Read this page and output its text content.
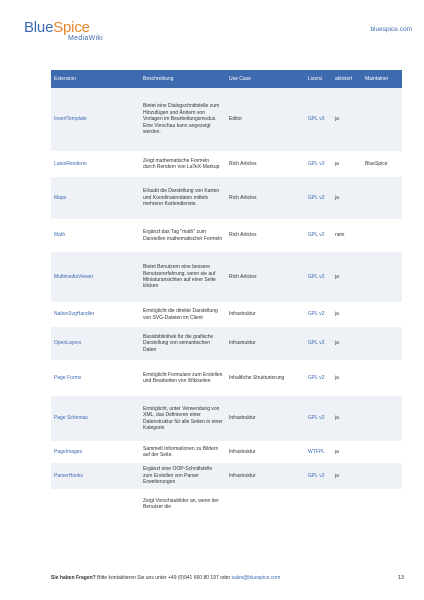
BlueSpice
MediaWiki
bluespice.com
Extension	Beschreibung	Use Case	Lizenz	aktiviert	Maintainer
InsertTemplate	Bietet eine Dialogschnittstelle zum Hinzufügen und Ändern von Vorlagen im Bearbeitungsmodus. Eine Vorschau kann angezeigt werden.	Editor	GPL v3	ja	
LatexRenderer	Zeigt mathematische Formeln durch Rendern von LaTeX-Markup	Rich Articles	GPL v3	ja	BlueSpice
Maps	Erlaubt die Darstellung von Karten und Koordinatendaten mittels mehrerer Kartendienste.	Rich Articles	GPL v2	ja	
Math	Ergänzt das Tag "math" zum Darstellen mathematischer Formeln	Rich Articles	GPL v2	nein	
MultimediaViewer	Bietet Benutzern eine bessere Benutzererfahrung, wenn sie auf Miniaturansichten auf einer Seite klicken	Rich Articles	GPL v2	ja	
NativeSvgHandler	Ermöglicht die direkte Darstellung von SVG-Dateien im Client	Infrastruktur	GPL v2	ja	
OpenLayers	Basisbibliothek für die grafische Darstellung von semantischen Daten	Infrastruktur	GPL v2	ja	
Page Forms	Ermöglicht Formulare zum Erstellen und Bearbeiten von Wikiseiten	Inhaltliche Strukturierung	GPL v2	ja	
Page Schemas	Ermöglicht, unter Verwendung von XML, das Definieren einer Datenstruktur für alle Seiten in einer Kategorie	Infrastruktur	GPL v2	ja	
PageImages	Sammelt Informationen zu Bildern auf der Seite.	Infrastruktur	WTFPL	ja	
ParserHooks	Ergänzt eine OOP-Schnittstelle zum Erstellen von Parser Erweiterungen	Infrastruktur	GPL v2	ja	
	Zeigt Vorschaubilder an, wenn der Benutzer die				
Sie haben Fragen? Bitte kontaktieren Sie uns unter +49 (0)941 660 80 197 oder sales@bluespice.com	13
